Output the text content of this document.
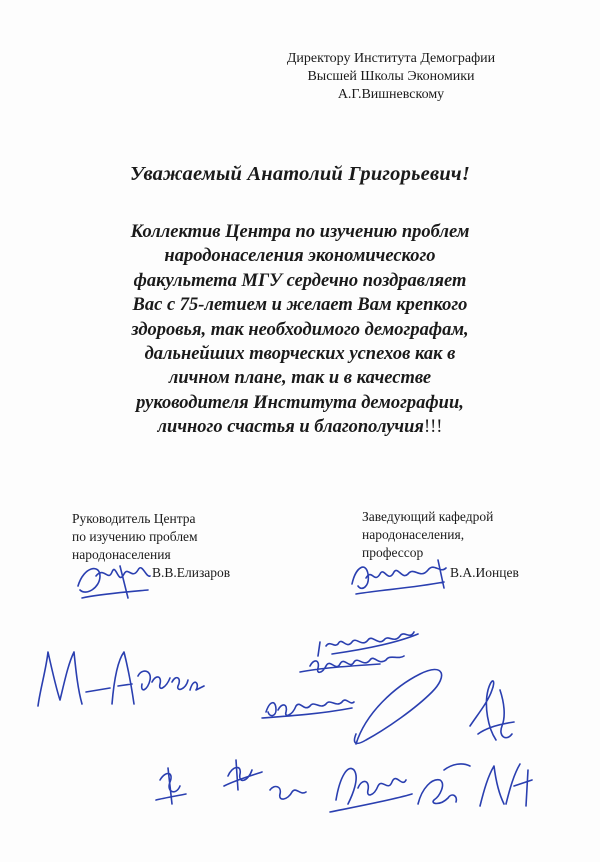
Директору Института Демографии
Высшей Школы Экономики
А.Г.Вишневскому
Уважаемый Анатолий Григорьевич!
Коллектив Центра по изучению проблем
народонаселения экономического
факультета МГУ сердечно поздравляет
Вас с 75-летием и желает Вам крепкого
здоровья, так необходимого демографам,
дальнейших творческих успехов как в
личном плане, так и в качестве
руководителя Института демографии,
личного счастья и благополучия!!!
Руководитель Центра
по изучению проблем
народонаселения
В.В.Елизаров
Заведующий кафедрой
народонаселения,
профессор
В.А.Ионцев
